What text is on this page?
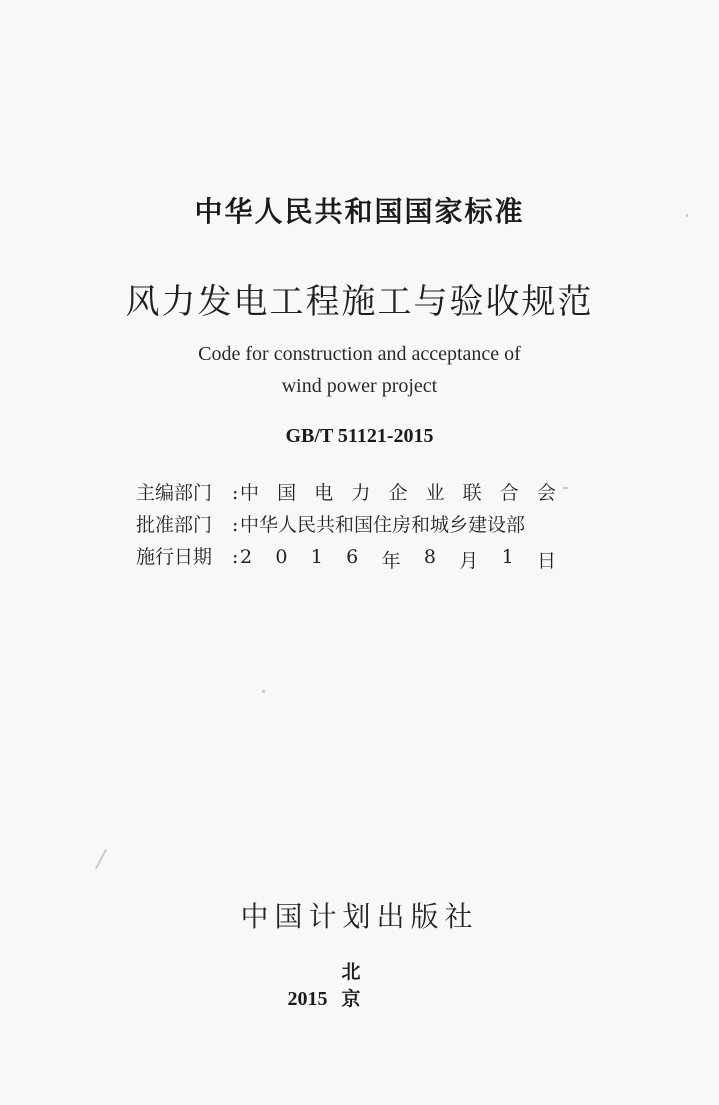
中华人民共和国国家标准
风力发电工程施工与验收规范
Code for construction and acceptance of
wind power project
GB/T 51121-2015
主编部门	: 中 国 电 力 企 业 联 合 会
批准部门	: 中华人民共和国住房和城乡建设部
施行日期	: 2 0 1 6 年 8 月 1 日
中国计划出版社
2015北京
